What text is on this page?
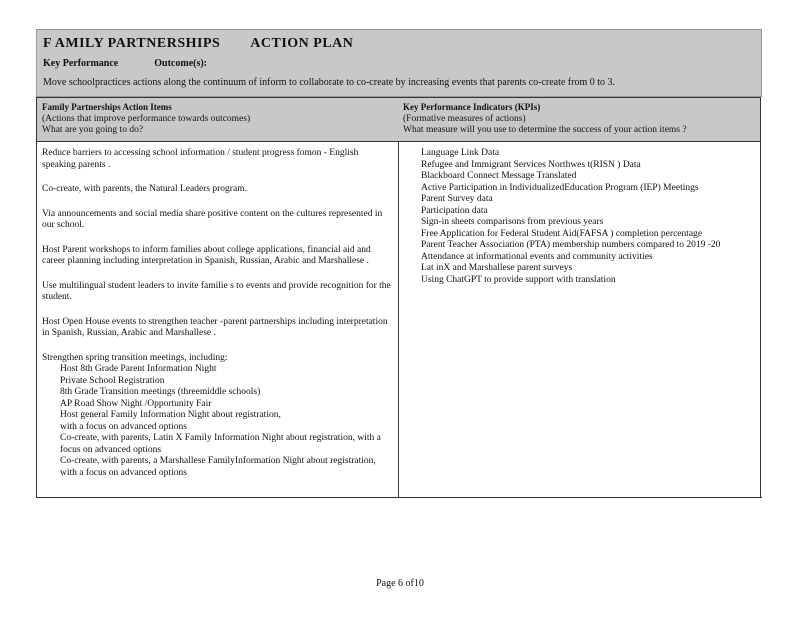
F AMILY PARTNERSHIPS ACTION PLAN
Key Performance	Outcome(s):
Move schoolpractices actions along the continuum of inform to collaborate to co-create by increasing events that parents co-create from 0 to 3.
Family Partnerships Action Items
(Actions that improve performance towards outcomes)
What are you going to do?

Reduce barriers to accessing school information / student progress fomon - English speaking parents .

Co-create, with parents, the Natural Leaders program.

Via announcements and social media share positive content on the cultures represented in our school.

Host Parent workshops to inform families about college applications, financial aid and career planning including interpretation in Spanish, Russian, Arabic and Marshallese .

Use multilingual student leaders to invite familie s to events and provide recognition for the student.

Host Open House events to strengthen teacher -parent partnerships including interpretation in Spanish, Russian, Arabic and Marshallese .

Strengthen spring transition meetings, including:
Host 8th Grade Parent Information Night
Private School Registration
8th Grade Transition meetings (threemiddle schools)
AP Road Show Night /Opportunity Fair
Host general Family Information Night about registration,
with a focus on advanced options
Co-create, with parents, Latin X Family Information Night about registration, with a focus on advanced options
Co-create, with parents, a Marshallese FamilyInformation Night about registration, with a focus on advanced options
Key Performance Indicators (KPIs)
(Formative measures of actions)
What measure will you use to determine the success of your action items ?
Language Link Data
Refugee and Immigrant Services Northwes t(RISN ) Data
Blackboard Connect Message Translated
Active Participation in IndividualizedEducation Program (IEP) Meetings
Parent Survey data
Participation data
Sign-in sheets comparisons from previous years
Free Application for Federal Student Aid(FAFSA ) completion percentage
Parent Teacher Association (PTA) membership numbers compared to 2019 -20
Attendance at informational events and community activities
Lat inX and Marshallese parent surveys
Using ChatGPT to provide support with translation
Page 6 of10
